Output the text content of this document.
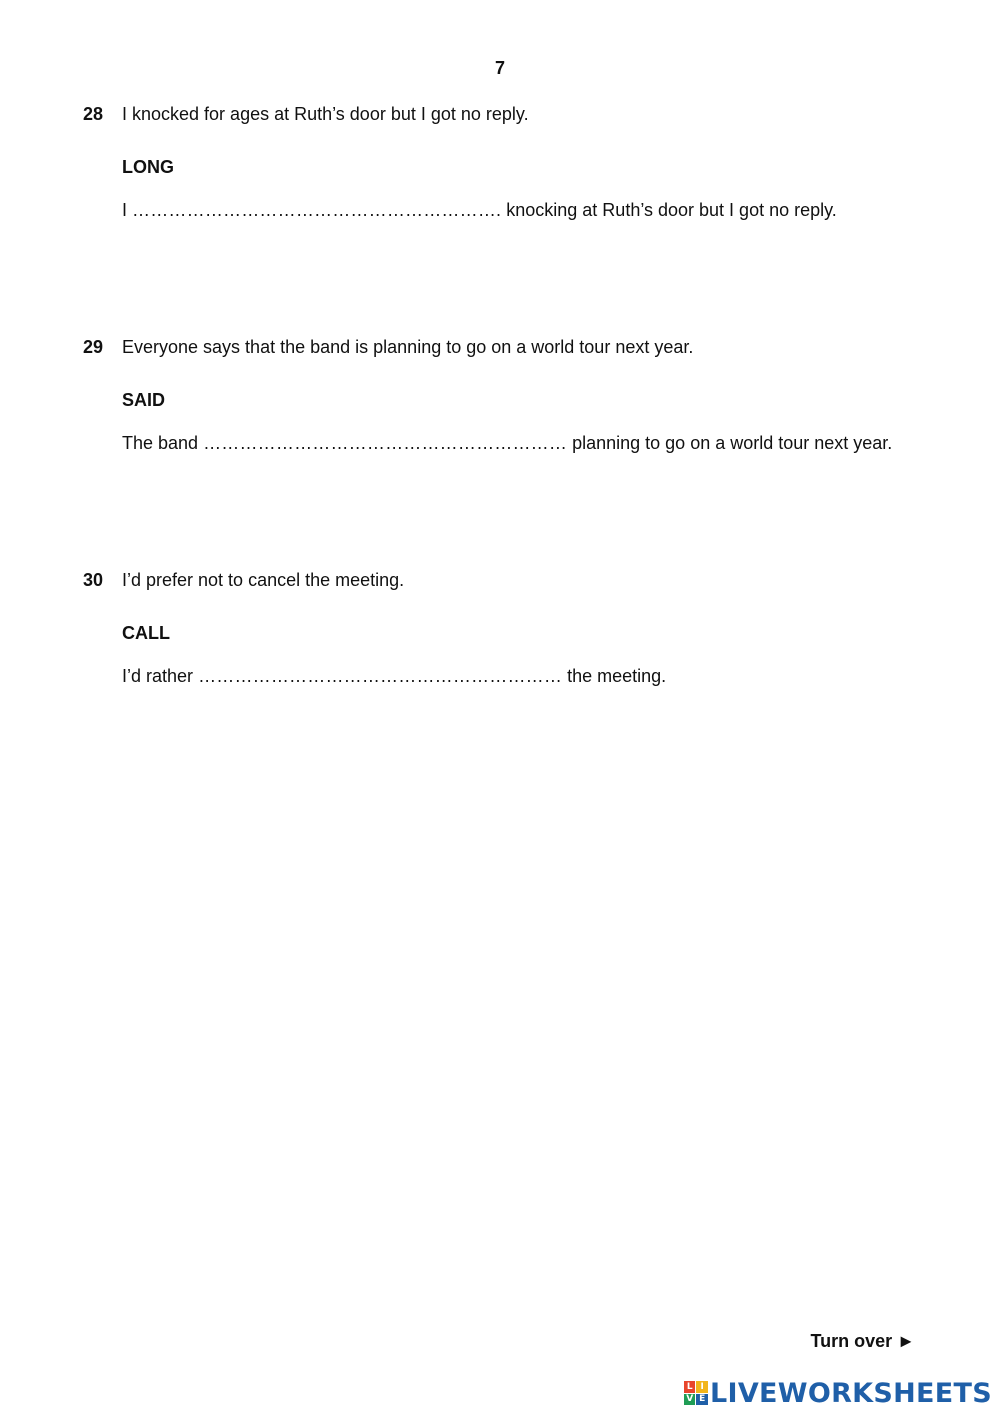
7
28 I knocked for ages at Ruth’s door but I got no reply.
LONG
I ……………………………………………………. knocking at Ruth’s door but I got no reply.
29 Everyone says that the band is planning to go on a world tour next year.
SAID
The band …………………………………………………… planning to go on a world tour next year.
30 I’d prefer not to cancel the meeting.
CALL
I’d rather …………………………………………………… the meeting.
Turn over ►
L I
V E LIVEWORKSHEETS
